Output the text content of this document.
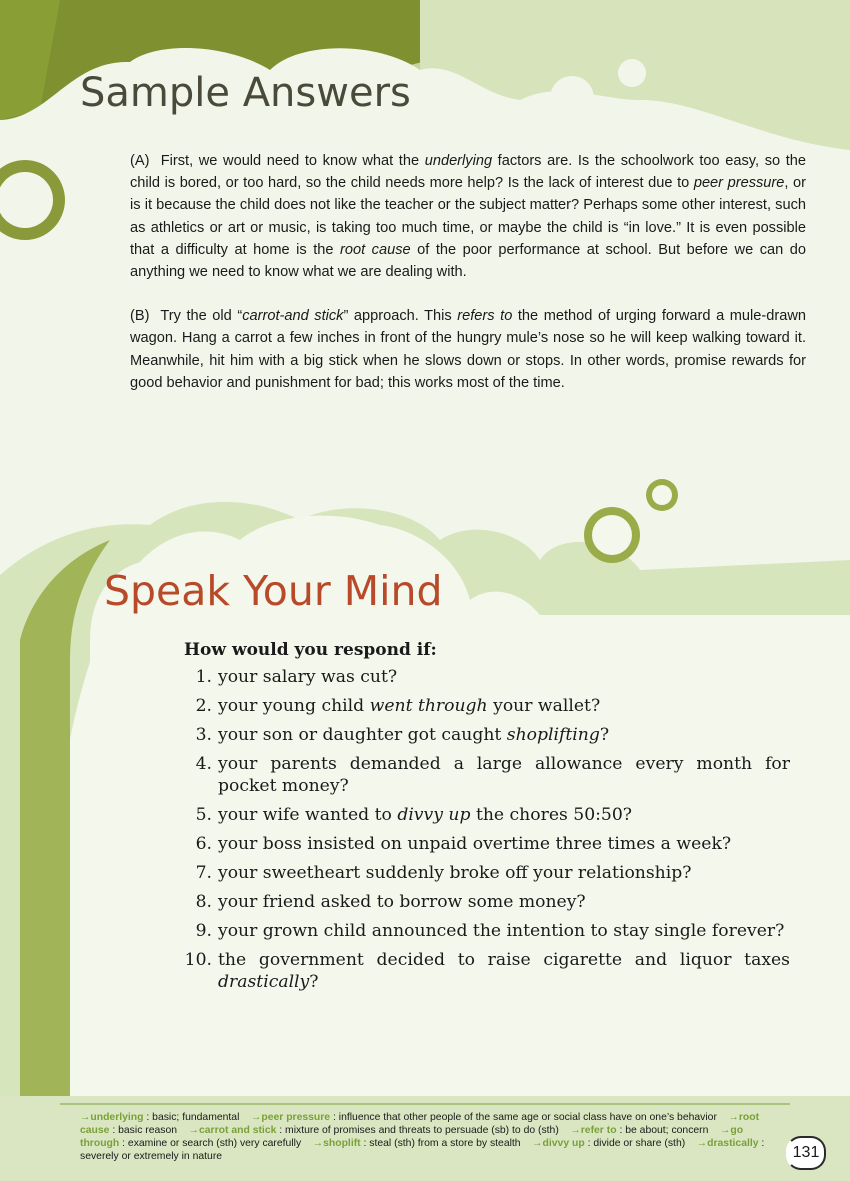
Sample Answers

(A) First, we would need to know what the underlying factors are. Is the schoolwork too easy, so the child is bored, or too hard, so the child needs more help? Is the lack of interest due to peer pressure, or is it because the child does not like the teacher or the subject matter? Perhaps some other interest, such as athletics or art or music, is taking too much time, or maybe the child is “in love.” It is even possible that a difficulty at home is the root cause of the poor performance at school. But before we can do anything we need to know what we are dealing with.

(B) Try the old “carrot-and stick” approach. This refers to the method of urging forward a mule-drawn wagon. Hang a carrot a few inches in front of the hungry mule’s nose so he will keep walking toward it. Meanwhile, hit him with a big stick when he slows down or stops. In other words, promise rewards for good behavior and punishment for bad; this works most of the time.

Speak Your Mind
How would you respond if:
1. your salary was cut?
2. your young child went through your wallet?
3. your son or daughter got caught shoplifting?
4. your parents demanded a large allowance every month for pocket money?
5. your wife wanted to divvy up the chores 50:50?
6. your boss insisted on unpaid overtime three times a week?
7. your sweetheart suddenly broke off your relationship?
8. your friend asked to borrow some money?
9. your grown child announced the intention to stay single forever?
10. the government decided to raise cigarette and liquor taxes drastically?
→underlying : basic; fundamental →peer pressure : influence that other people of the same age or social class have on one’s behavior →root cause : basic reason →carrot and stick : mixture of promises and threats to persuade (sb) to do (sth) →refer to : be about; concern →go through : examine or search (sth) very carefully →shoplift : steal (sth) from a store by stealth →divvy up : divide or share (sth) →drastically : severely or extremely in nature	131
